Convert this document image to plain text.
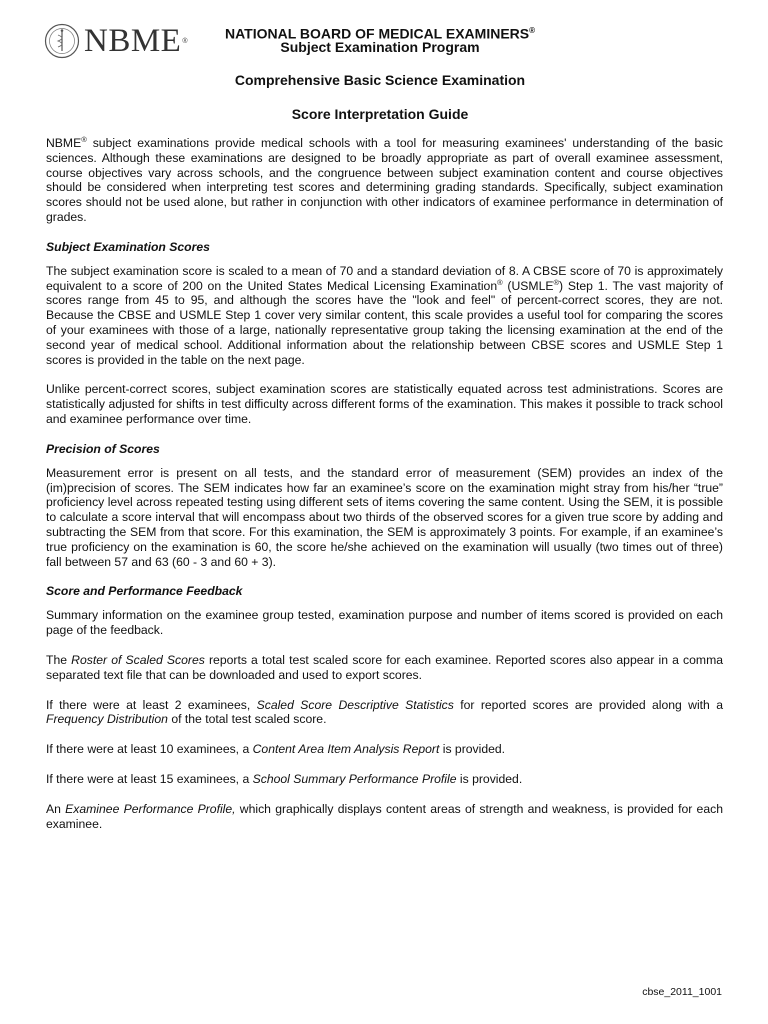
NBME ®	NATIONAL BOARD OF MEDICAL EXAMINERS®
Subject Examination Program
Comprehensive Basic Science Examination
Score Interpretation Guide

NBME® subject examinations provide medical schools with a tool for measuring examinees' understanding of the basic sciences. Although these examinations are designed to be broadly appropriate as part of overall examinee assessment, course objectives vary across schools, and the congruence between subject examination content and course objectives should be considered when interpreting test scores and determining grading standards. Specifically, subject examination scores should not be used alone, but rather in conjunction with other indicators of examinee performance in determination of grades.

Subject Examination Scores

The subject examination score is scaled to a mean of 70 and a standard deviation of 8. A CBSE score of 70 is approximately equivalent to a score of 200 on the United States Medical Licensing Examination® (USMLE®) Step 1. The vast majority of scores range from 45 to 95, and although the scores have the "look and feel" of percent-correct scores, they are not. Because the CBSE and USMLE Step 1 cover very similar content, this scale provides a useful tool for comparing the scores of your examinees with those of a large, nationally representative group taking the licensing examination at the end of the second year of medical school. Additional information about the relationship between CBSE scores and USMLE Step 1 scores is provided in the table on the next page.

Unlike percent-correct scores, subject examination scores are statistically equated across test administrations. Scores are statistically adjusted for shifts in test difficulty across different forms of the examination. This makes it possible to track school and examinee performance over time.

Precision of Scores

Measurement error is present on all tests, and the standard error of measurement (SEM) provides an index of the (im)precision of scores. The SEM indicates how far an examinee’s score on the examination might stray from his/her “true” proficiency level across repeated testing using different sets of items covering the same content. Using the SEM, it is possible to calculate a score interval that will encompass about two thirds of the observed scores for a given true score by adding and subtracting the SEM from that score. For this examination, the SEM is approximately 3 points. For example, if an examinee’s true proficiency on the examination is 60, the score he/she achieved on the examination will usually (two times out of three) fall between 57 and 63 (60 - 3 and 60 + 3).

Score and Performance Feedback

Summary information on the examinee group tested, examination purpose and number of items scored is provided on each page of the feedback.

The Roster of Scaled Scores reports a total test scaled score for each examinee. Reported scores also appear in a comma separated text file that can be downloaded and used to export scores.

If there were at least 2 examinees, Scaled Score Descriptive Statistics for reported scores are provided along with a Frequency Distribution of the total test scaled score.

If there were at least 10 examinees, a Content Area Item Analysis Report is provided.

If there were at least 15 examinees, a School Summary Performance Profile is provided.

An Examinee Performance Profile, which graphically displays content areas of strength and weakness, is provided for each examinee.

cbse_2011_1001
